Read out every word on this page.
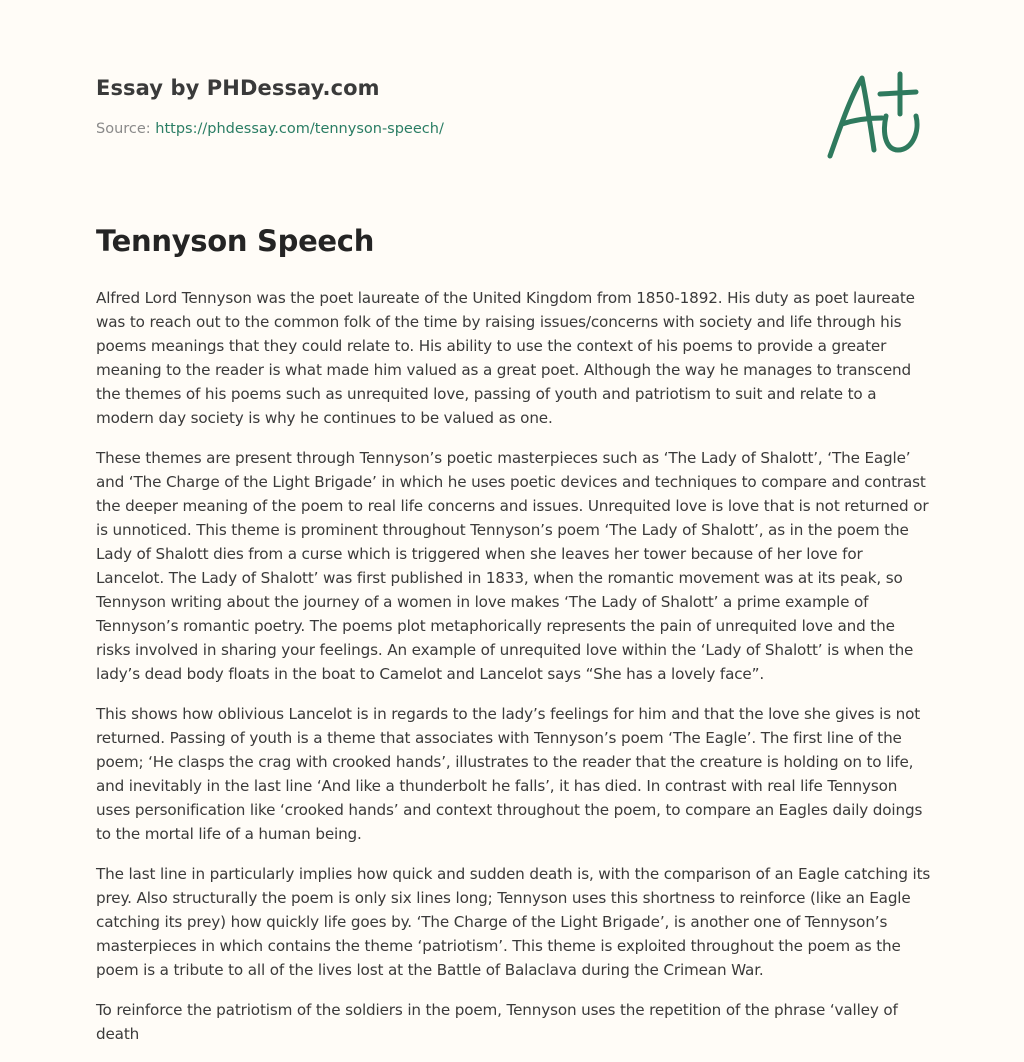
Essay by PHDessay.com
Source: https://phdessay.com/tennyson-speech/
Tennyson Speech

Alfred Lord Tennyson was the poet laureate of the United Kingdom from 1850-1892. His duty as poet laureate was to reach out to the common folk of the time by raising issues/concerns with society and life through his poems meanings that they could relate to. His ability to use the context of his poems to provide a greater meaning to the reader is what made him valued as a great poet. Although the way he manages to transcend the themes of his poems such as unrequited love, passing of youth and patriotism to suit and relate to a modern day society is why he continues to be valued as one.

These themes are present through Tennyson’s poetic masterpieces such as ‘The Lady of Shalott’, ‘The Eagle’ and ‘The Charge of the Light Brigade’ in which he uses poetic devices and techniques to compare and contrast the deeper meaning of the poem to real life concerns and issues. Unrequited love is love that is not returned or is unnoticed. This theme is prominent throughout Tennyson’s poem ‘The Lady of Shalott’, as in the poem the Lady of Shalott dies from a curse which is triggered when she leaves her tower because of her love for Lancelot. The Lady of Shalott’ was first published in 1833, when the romantic movement was at its peak, so Tennyson writing about the journey of a women in love makes ‘The Lady of Shalott’ a prime example of Tennyson’s romantic poetry. The poems plot metaphorically represents the pain of unrequited love and the risks involved in sharing your feelings. An example of unrequited love within the ‘Lady of Shalott’ is when the lady’s dead body floats in the boat to Camelot and Lancelot says “She has a lovely face”.

This shows how oblivious Lancelot is in regards to the lady’s feelings for him and that the love she gives is not returned. Passing of youth is a theme that associates with Tennyson’s poem ‘The Eagle’. The first line of the poem; ‘He clasps the crag with crooked hands’, illustrates to the reader that the creature is holding on to life, and inevitably in the last line ‘And like a thunderbolt he falls’, it has died. In contrast with real life Tennyson uses personification like ‘crooked hands’ and context throughout the poem, to compare an Eagles daily doings to the mortal life of a human being.

The last line in particularly implies how quick and sudden death is, with the comparison of an Eagle catching its prey. Also structurally the poem is only six lines long; Tennyson uses this shortness to reinforce (like an Eagle catching its prey) how quickly life goes by. ‘The Charge of the Light Brigade’, is another one of Tennyson’s masterpieces in which contains the theme ‘patriotism’. This theme is exploited throughout the poem as the poem is a tribute to all of the lives lost at the Battle of Balaclava during the Crimean War.

To reinforce the patriotism of the soldiers in the poem, Tennyson uses the repetition of the phrase ‘valley of death
